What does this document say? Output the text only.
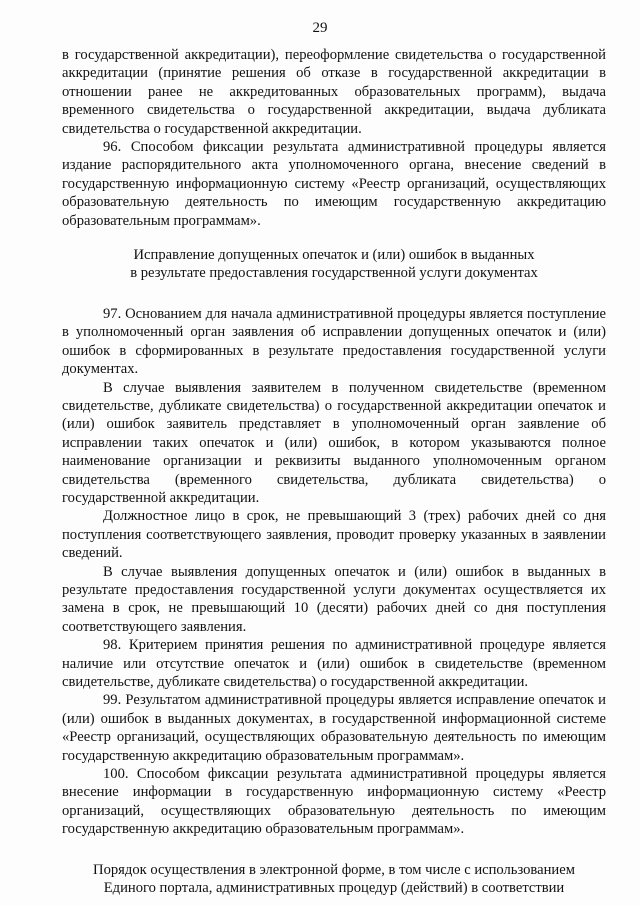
29

в государственной аккредитации), переоформление свидетельства о государственной аккредитации (принятие решения об отказе в государственной аккредитации в отношении ранее не аккредитованных образовательных программ), выдача временного свидетельства о государственной аккредитации, выдача дубликата свидетельства о государственной аккредитации.

96. Способом фиксации результата административной процедуры является издание распорядительного акта уполномоченного органа, внесение сведений в государственную информационную систему «Реестр организаций, осуществляющих образовательную деятельность по имеющим государственную аккредитацию образовательным программам».

Исправление допущенных опечаток и (или) ошибок в выданных

в результате предоставления государственной услуги документах

97. Основанием для начала административной процедуры является поступление в уполномоченный орган заявления об исправлении допущенных опечаток и (или) ошибок в сформированных в результате предоставления государственной услуги документах.

В случае выявления заявителем в полученном свидетельстве (временном свидетельстве, дубликате свидетельства) о государственной аккредитации опечаток и (или) ошибок заявитель представляет в уполномоченный орган заявление об исправлении таких опечаток и (или) ошибок, в котором указываются полное наименование организации и реквизиты выданного уполномоченным органом свидетельства (временного свидетельства, дубликата свидетельства) о государственной аккредитации.

Должностное лицо в срок, не превышающий 3 (трех) рабочих дней со дня поступления соответствующего заявления, проводит проверку указанных в заявлении сведений.

В случае выявления допущенных опечаток и (или) ошибок в выданных в результате предоставления государственной услуги документах осуществляется их замена в срок, не превышающий 10 (десяти) рабочих дней со дня поступления соответствующего заявления.

98. Критерием принятия решения по административной процедуре является наличие или отсутствие опечаток и (или) ошибок в свидетельстве (временном свидетельстве, дубликате свидетельства) о государственной аккредитации.

99. Результатом административной процедуры является исправление опечаток и (или) ошибок в выданных документах, в государственной информационной системе «Реестр организаций, осуществляющих образовательную деятельность по имеющим государственную аккредитацию образовательным программам».

100. Способом фиксации результата административной процедуры является внесение информации в государственную информационную систему «Реестр организаций, осуществляющих образовательную деятельность по имеющим государственную аккредитацию образовательным программам».

Порядок осуществления в электронной форме, в том числе с использованием

Единого портала, административных процедур (действий) в соответствии
